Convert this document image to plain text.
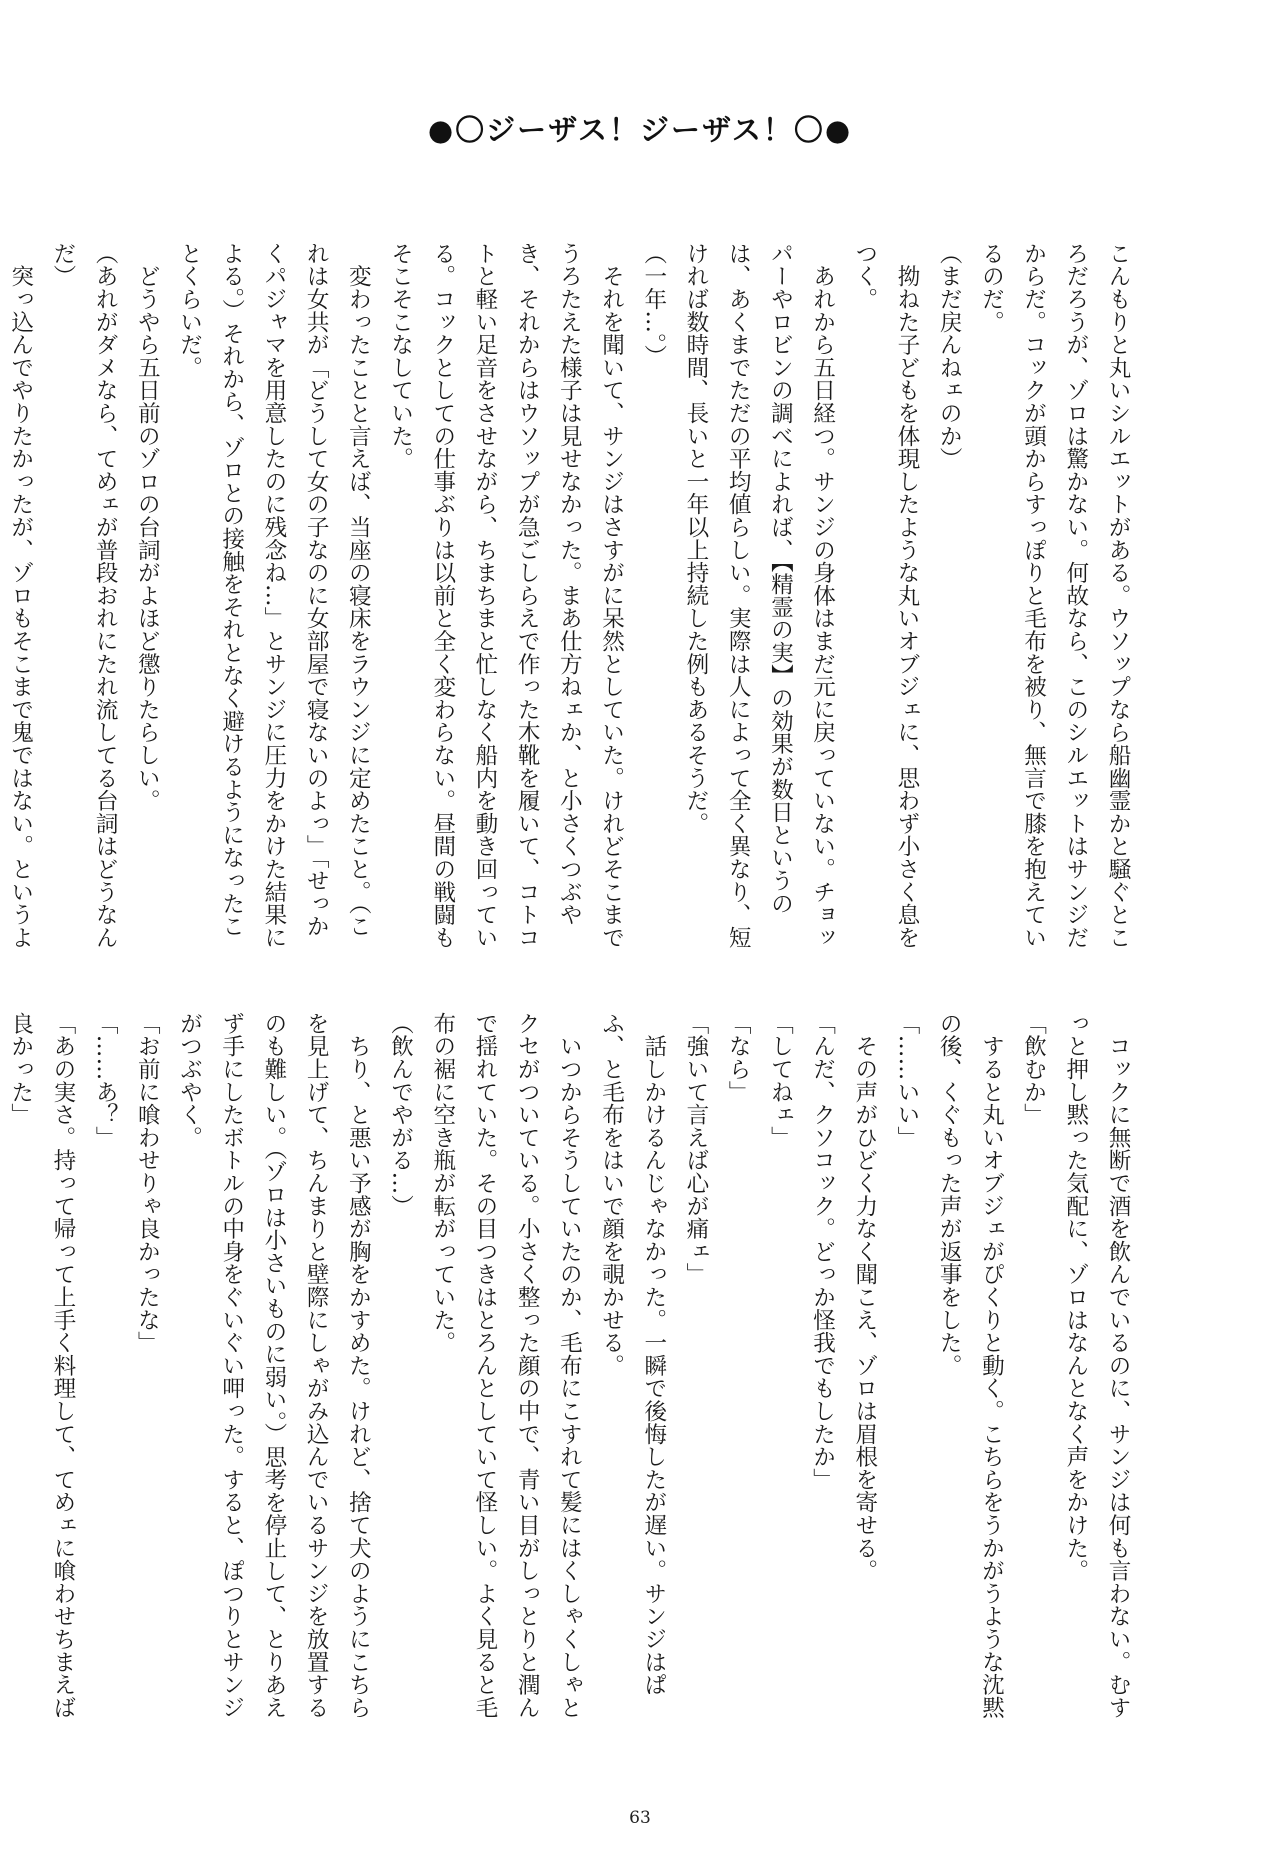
●〇ジーザス！ジーザス！〇●

こんもりと丸いシルエットがある。ウソップなら船幽霊かと騒ぐところだろうが、ゾロは驚かない。何故なら、このシルエットはサンジだからだ。コックが頭からすっぽりと毛布を被り、無言で膝を抱えているのだ。

（まだ戻んねェのか）

　拗ねた子どもを体現したような丸いオブジェに、思わず小さく息をつく。

　あれから五日経つ。サンジの身体はまだ元に戻っていない。チョッパーやロビンの調べによれば、【精霊の実】の効果が数日というのは、あくまでただの平均値らしい。実際は人によって全く異なり、短ければ数時間、長いと一年以上持続した例もあるそうだ。

（一年…。）

　それを聞いて、サンジはさすがに呆然としていた。けれどそこまでうろたえた様子は見せなかった。まあ仕方ねェか、と小さくつぶやき、それからはウソップが急ごしらえで作った木靴を履いて、コトコトと軽い足音をさせながら、ちまちまと忙しなく船内を動き回っている。コックとしての仕事ぶりは以前と全く変わらない。昼間の戦闘もそこそこなしていた。

　変わったことと言えば、当座の寝床をラウンジに定めたこと。（これは女共が「どうして女の子なのに女部屋で寝ないのよっ」「せっかくパジャマを用意したのに残念ね…」とサンジに圧力をかけた結果による。）それから、ゾロとの接触をそれとなく避けるようになったことくらいだ。

　どうやら五日前のゾロの台詞がよほど懲りたらしい。

（あれがダメなら、てめェが普段おれにたれ流してる台詞はどうなんだ）

　突っ込んでやりたかったが、ゾロもそこまで鬼ではない。というよ

　コックに無断で酒を飲んでいるのに、サンジは何も言わない。むすっと押し黙った気配に、ゾロはなんとなく声をかけた。

「飲むか」

　すると丸いオブジェがぴくりと動く。こちらをうかがうような沈黙の後、くぐもった声が返事をした。

「……いい」

　その声がひどく力なく聞こえ、ゾロは眉根を寄せる。

「んだ、クソコック。どっか怪我でもしたか」

「してねェ」

「なら」

「強いて言えば心が痛ェ」

　話しかけるんじゃなかった。一瞬で後悔したが遅い。サンジはぱふ、と毛布をはいで顔を覗かせる。

　いつからそうしていたのか、毛布にこすれて髪にはくしゃくしゃとクセがついている。小さく整った顔の中で、青い目がしっとりと潤んで揺れていた。その目つきはとろんとしていて怪しい。よく見ると毛布の裾に空き瓶が転がっていた。

（飲んでやがる…）

　ちり、と悪い予感が胸をかすめた。けれど、捨て犬のようにこちらを見上げて、ちんまりと壁際にしゃがみ込んでいるサンジを放置するのも難しい。（ゾロは小さいものに弱い。）思考を停止して、とりあえず手にしたボトルの中身をぐいぐい呷った。すると、ぽつりとサンジがつぶやく。

「お前に喰わせりゃ良かったな」

「……あ？」

「あの実さ。持って帰って上手く料理して、てめェに喰わせちまえば良かった」

63
